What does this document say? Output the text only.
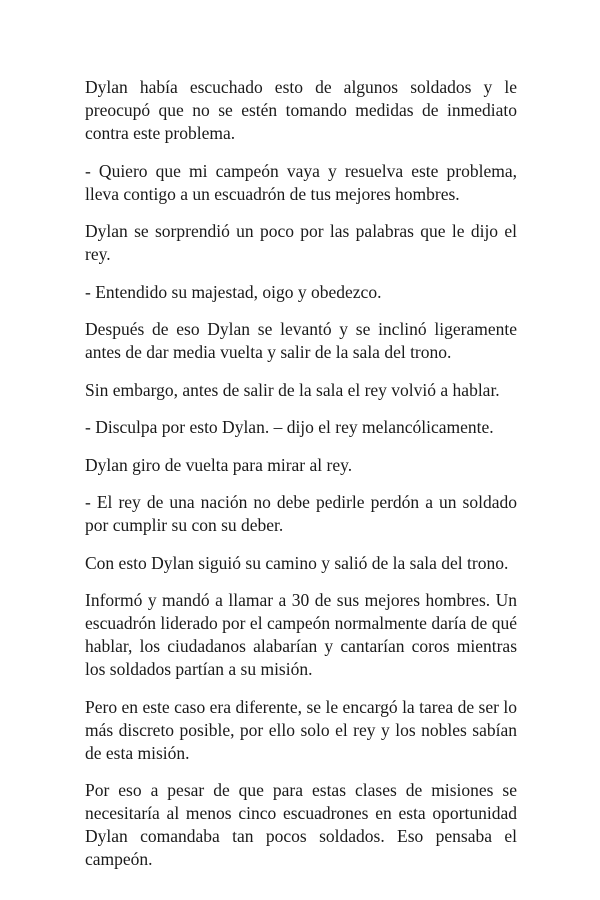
Dylan había escuchado esto de algunos soldados y le preocupó que no se estén tomando medidas de inmediato contra este problema.

- Quiero que mi campeón vaya y resuelva este problema, lleva contigo a un escuadrón de tus mejores hombres.

Dylan se sorprendió un poco por las palabras que le dijo el rey.

- Entendido su majestad, oigo y obedezco.

Después de eso Dylan se levantó y se inclinó ligeramente antes de dar media vuelta y salir de la sala del trono.

Sin embargo, antes de salir de la sala el rey volvió a hablar.

- Disculpa por esto Dylan. – dijo el rey melancólicamente.

Dylan giro de vuelta para mirar al rey.

- El rey de una nación no debe pedirle perdón a un soldado por cumplir su con su deber.

Con esto Dylan siguió su camino y salió de la sala del trono.

Informó y mandó a llamar a 30 de sus mejores hombres. Un escuadrón liderado por el campeón normalmente daría de qué hablar, los ciudadanos alabarían y cantarían coros mientras los soldados partían a su misión.

Pero en este caso era diferente, se le encargó la tarea de ser lo más discreto posible, por ello solo el rey y los nobles sabían de esta misión.

Por eso a pesar de que para estas clases de misiones se necesitaría al menos cinco escuadrones en esta oportunidad Dylan comandaba tan pocos soldados. Eso pensaba el campeón.
